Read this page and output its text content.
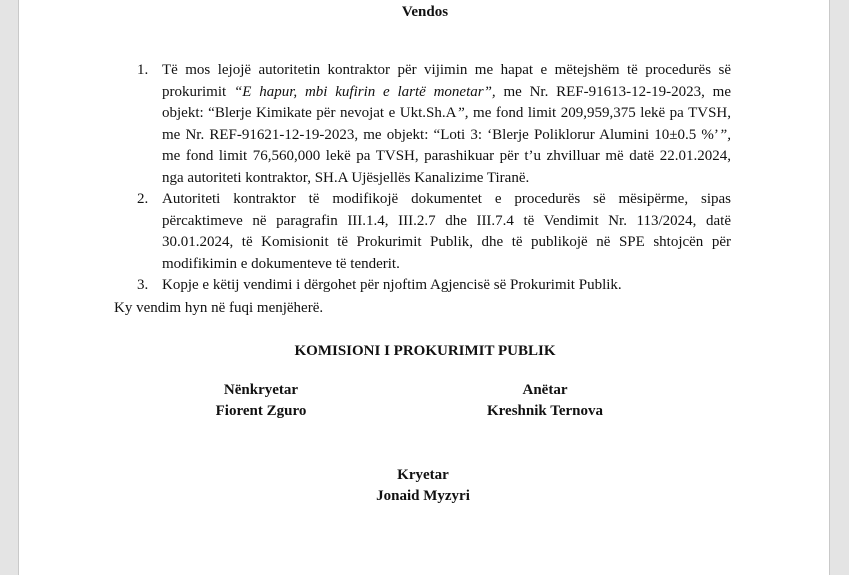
Vendos
1. Të mos lejojë autoritetin kontraktor për vijimin me hapat e mëtejshëm të procedurës së prokurimit “E hapur, mbi kufirin e lartë monetar”, me Nr. REF-91613-12-19-2023, me objekt: “Blerje Kimikate për nevojat e Ukt.Sh.A”, me fond limit 209,959,375 lekë pa TVSH, me Nr. REF-91621-12-19-2023, me objekt: “Loti 3: ‘Blerje Poliklorur Alumini 10±0.5 %’”, me fond limit 76,560,000 lekë pa TVSH, parashikuar për t’u zhvilluar më datë 22.01.2024, nga autoriteti kontraktor, SH.A Ujësjellës Kanalizime Tiranë.
2. Autoriteti kontraktor të modifikojë dokumentet e procedurës së mësipërme, sipas përcaktimeve në paragrafin III.1.4, III.2.7 dhe III.7.4 të Vendimit Nr. 113/2024, datë 30.01.2024, të Komisionit të Prokurimit Publik, dhe të publikojë në SPE shtojcën për modifikimin e dokumenteve të tenderit.
3. Kopje e këtij vendimi i dërgohet për njoftim Agjencisë së Prokurimit Publik.
Ky vendim hyn në fuqi menjëherë.
KOMISIONI I PROKURIMIT PUBLIK
Nënkryetar
Fiorent Zguro
Anëtar
Kreshnik Ternova
Kryetar
Jonaid Myzyri
